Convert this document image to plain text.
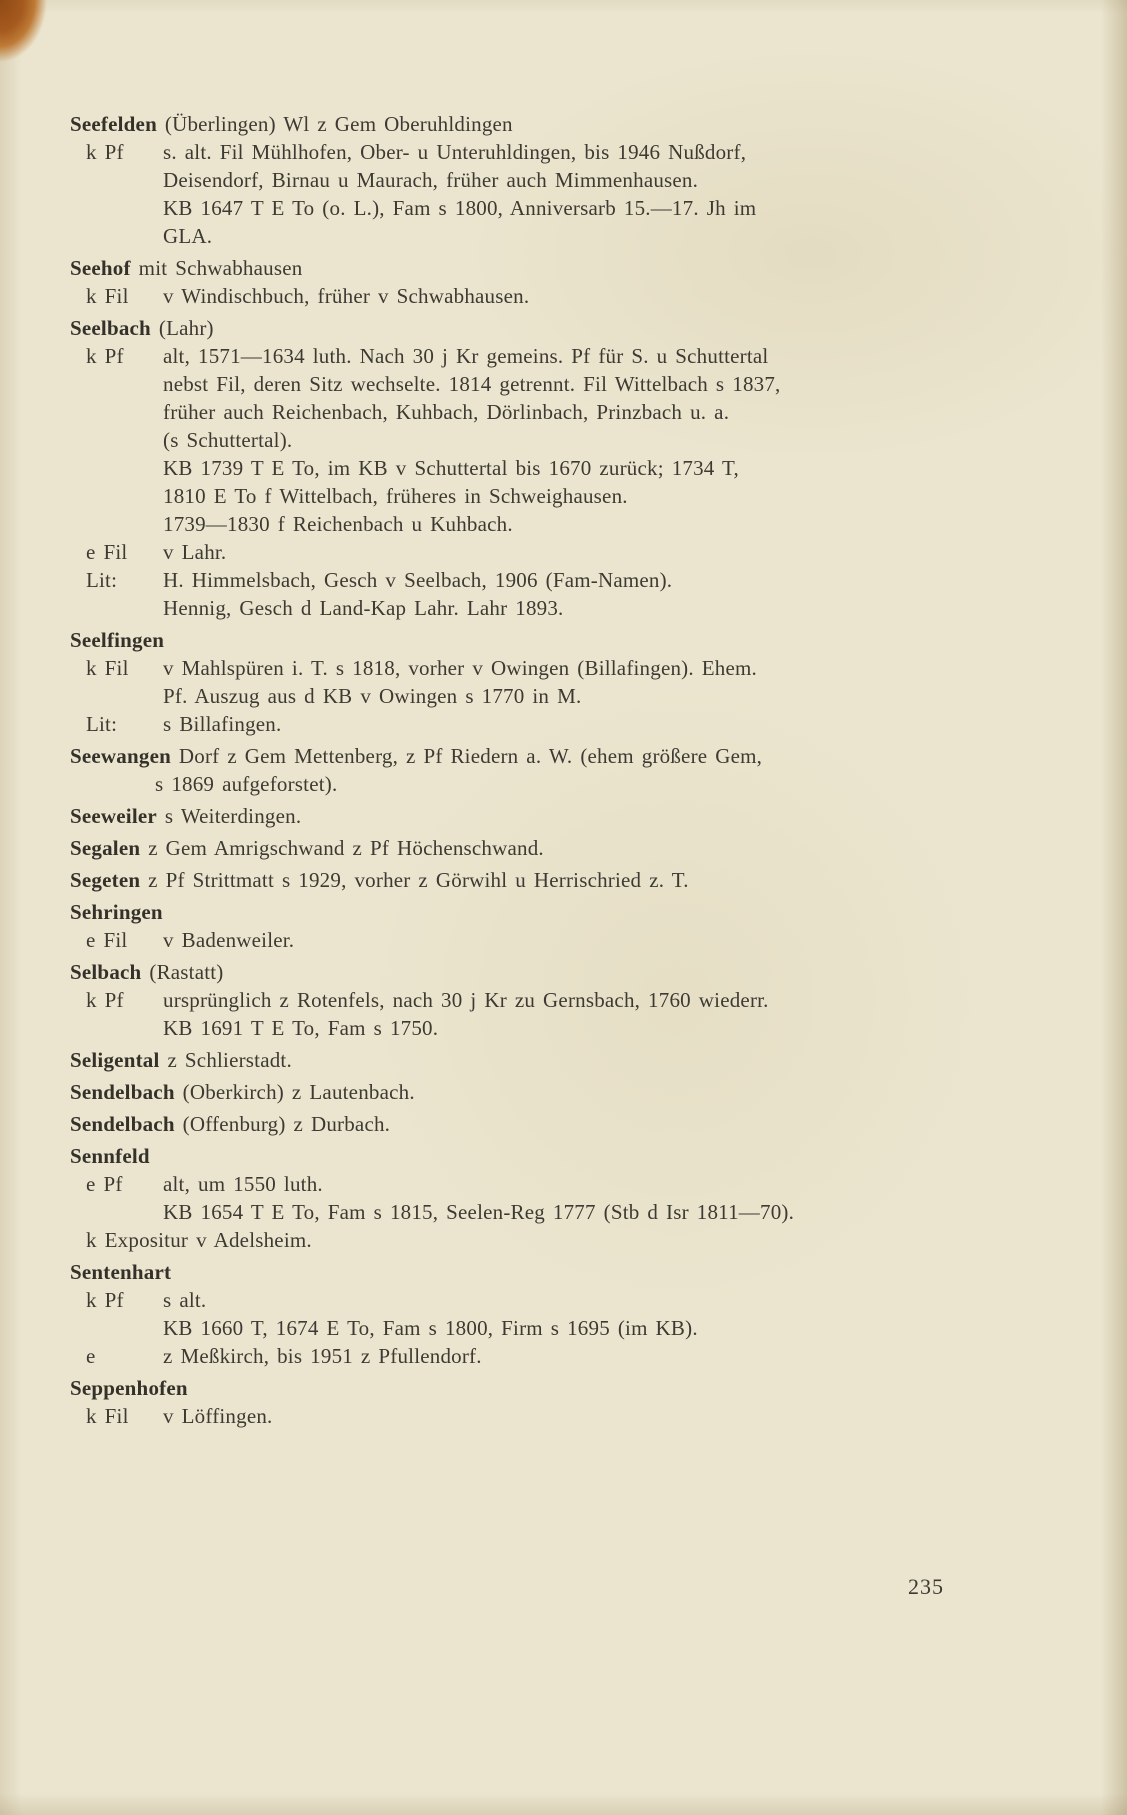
Seefelden (Überlingen) Wl z Gem Oberuhldingen
k Pf	s. alt. Fil Mühlhofen, Ober- u Unteruhldingen, bis 1946 Nußdorf,
Deisendorf, Birnau u Maurach, früher auch Mimmenhausen.
KB 1647 T E To (o. L.), Fam s 1800, Anniversarb 15.—17. Jh im
GLA.
Seehof mit Schwabhausen
k Fil	v Windischbuch, früher v Schwabhausen.
Seelbach (Lahr)
k Pf	alt, 1571—1634 luth. Nach 30 j Kr gemeins. Pf für S. u Schuttertal
nebst Fil, deren Sitz wechselte. 1814 getrennt. Fil Wittelbach s 1837,
früher auch Reichenbach, Kuhbach, Dörlinbach, Prinzbach u. a.
(s Schuttertal).
KB 1739 T E To, im KB v Schuttertal bis 1670 zurück; 1734 T,
1810 E To f Wittelbach, früheres in Schweighausen.
1739—1830 f Reichenbach u Kuhbach.
e Fil	v Lahr.
Lit:	H. Himmelsbach, Gesch v Seelbach, 1906 (Fam-Namen).
Hennig, Gesch d Land-Kap Lahr. Lahr 1893.
Seelfingen
k Fil	v Mahlspüren i. T. s 1818, vorher v Owingen (Billafingen). Ehem.
Pf. Auszug aus d KB v Owingen s 1770 in M.
Lit:	s Billafingen.
Seewangen Dorf z Gem Mettenberg, z Pf Riedern a. W. (ehem größere Gem,
s 1869 aufgeforstet).
Seeweiler s Weiterdingen.
Segalen z Gem Amrigschwand z Pf Höchenschwand.
Segeten z Pf Strittmatt s 1929, vorher z Görwihl u Herrischried z. T.
Sehringen
e Fil	v Badenweiler.
Selbach (Rastatt)
k Pf	ursprünglich z Rotenfels, nach 30 j Kr zu Gernsbach, 1760 wiederr.
KB 1691 T E To, Fam s 1750.
Seligental z Schlierstadt.
Sendelbach (Oberkirch) z Lautenbach.
Sendelbach (Offenburg) z Durbach.
Sennfeld
e Pf	alt, um 1550 luth.
KB 1654 T E To, Fam s 1815, Seelen-Reg 1777 (Stb d Isr 1811—70).
k Expositur v Adelsheim.
Sentenhart
k Pf	s alt.
KB 1660 T, 1674 E To, Fam s 1800, Firm s 1695 (im KB).
e	z Meßkirch, bis 1951 z Pfullendorf.
Seppenhofen
k Fil	v Löffingen.
235
